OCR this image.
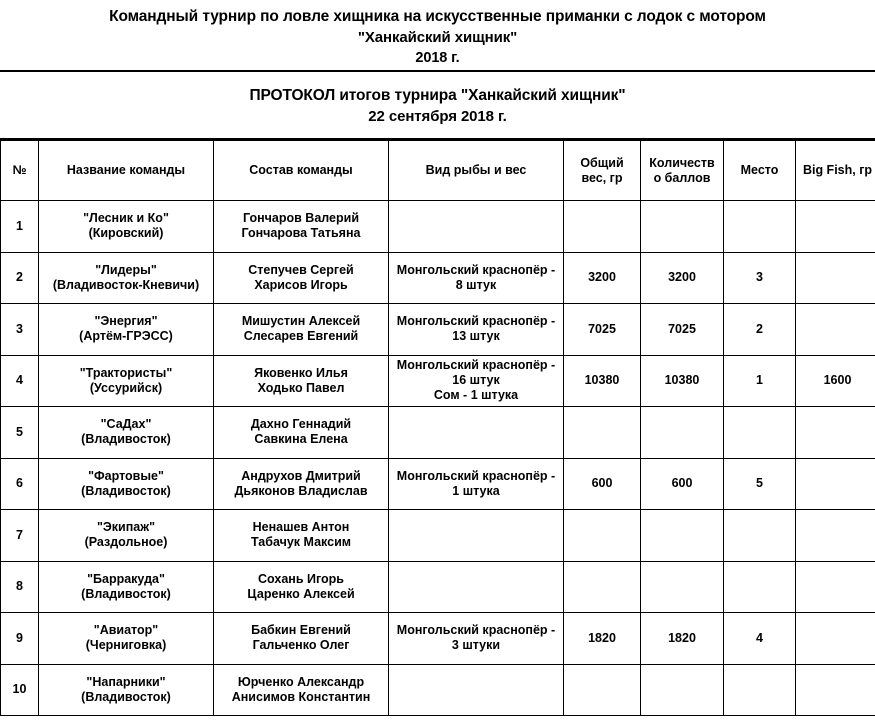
Командный турнир по ловле хищника на искусственные приманки с лодок с мотором
"Ханкайский хищник"
2018 г.
ПРОТОКОЛ итогов турнира "Ханкайский хищник"
22 сентября 2018 г.
№	Название команды	Состав команды	Вид рыбы и вес	Общий
вес, гр	Количеств
о баллов	Место	Big Fish, гр

1	"Лесник и Ко"
(Кировский)	Гончаров Валерий
Гончарова Татьяна					

2	"Лидеры"
(Владивосток-Кневичи)	Степучев Сергей
Харисов Игорь	Монгольский краснопёр -
8 штук	3200	3200	3	

3	"Энергия"
(Артём-ГРЭСС)	Мишустин Алексей
Слесарев Евгений	Монгольский краснопёр -
13 штук	7025	7025	2	

4	"Трактористы"
(Уссурийск)	Яковенко Илья
Ходько Павел	Монгольский краснопёр -
16 штук
Сом - 1 штука	10380	10380	1	1600

5	"СаДах"
(Владивосток)	Дахно Геннадий
Савкина Елена					

6	"Фартовые"
(Владивосток)	Андрухов Дмитрий
Дьяконов Владислав	Монгольский краснопёр -
1 штука	600	600	5	

7	"Экипаж"
(Раздольное)	Ненашев Антон
Табачук Максим					

8	"Барракуда"
(Владивосток)	Сохань Игорь
Царенко Алексей					

9	"Авиатор"
(Черниговка)	Бабкин Евгений
Гальченко Олег	Монгольский краснопёр -
3 штуки	1820	1820	4	

10	"Напарники"
(Владивосток)	Юрченко Александр
Анисимов Константин					
